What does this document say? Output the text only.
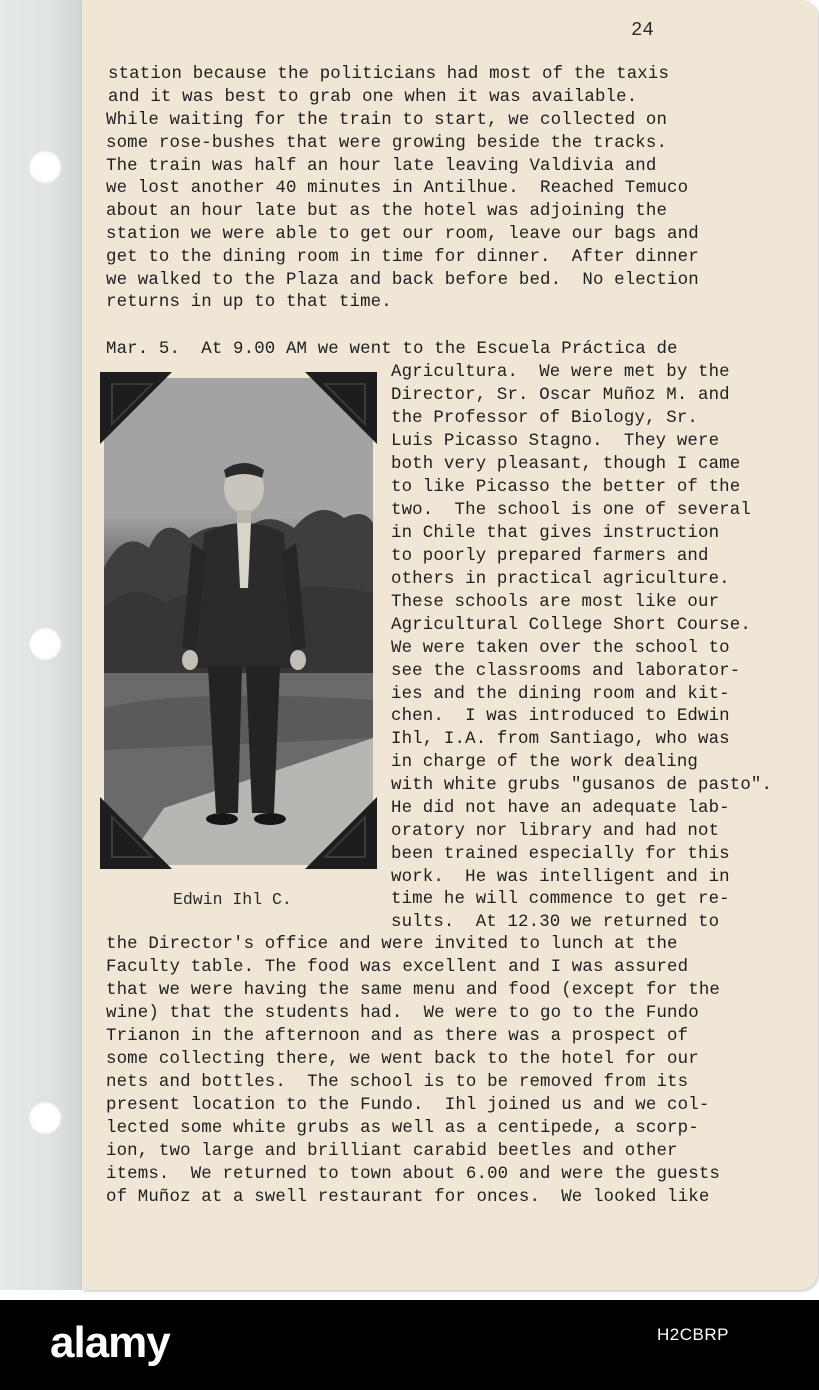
24
station because the politicians had most of the taxis
and it was best to grab one when it was available.
While waiting for the train to start, we collected on
some rose-bushes that were growing beside the tracks.
The train was half an hour late leaving Valdivia and
we lost another 40 minutes in Antilhue.  Reached Temuco
about an hour late but as the hotel was adjoining the
station we were able to get our room, leave our bags and
get to the dining room in time for dinner.  After dinner
we walked to the Plaza and back before bed.  No election
returns in up to that time.
Mar. 5.  At 9.00 AM we went to the Escuela Práctica de
Agricultura.  We were met by the
Director, Sr. Oscar Muñoz M. and
the Professor of Biology, Sr.
Luis Picasso Stagno.  They were
both very pleasant, though I came
to like Picasso the better of the
two.  The school is one of several
in Chile that gives instruction
to poorly prepared farmers and
others in practical agriculture.
These schools are most like our
Agricultural College Short Course.
We were taken over the school to
see the classrooms and laborator-
ies and the dining room and kit-
chen.  I was introduced to Edwin
Ihl, I.A. from Santiago, who was
in charge of the work dealing
with white grubs "gusanos de pasto".
He did not have an adequate lab-
oratory nor library and had not
been trained especially for this
work.  He was intelligent and in
time he will commence to get re-
sults.  At 12.30 we returned to
the Director's office and were invited to lunch at the
Faculty table. The food was excellent and I was assured
that we were having the same menu and food (except for the
wine) that the students had.  We were to go to the Fundo
Trianon in the afternoon and as there was a prospect of
some collecting there, we went back to the hotel for our
nets and bottles.  The school is to be removed from its
present location to the Fundo.  Ihl joined us and we col-
lected some white grubs as well as a centipede, a scorp-
ion, two large and brilliant carabid beetles and other
items.  We returned to town about 6.00 and were the guests
of Muñoz at a swell restaurant for onces.  We looked like
Edwin Ihl C.
alamy	H2CBRP
